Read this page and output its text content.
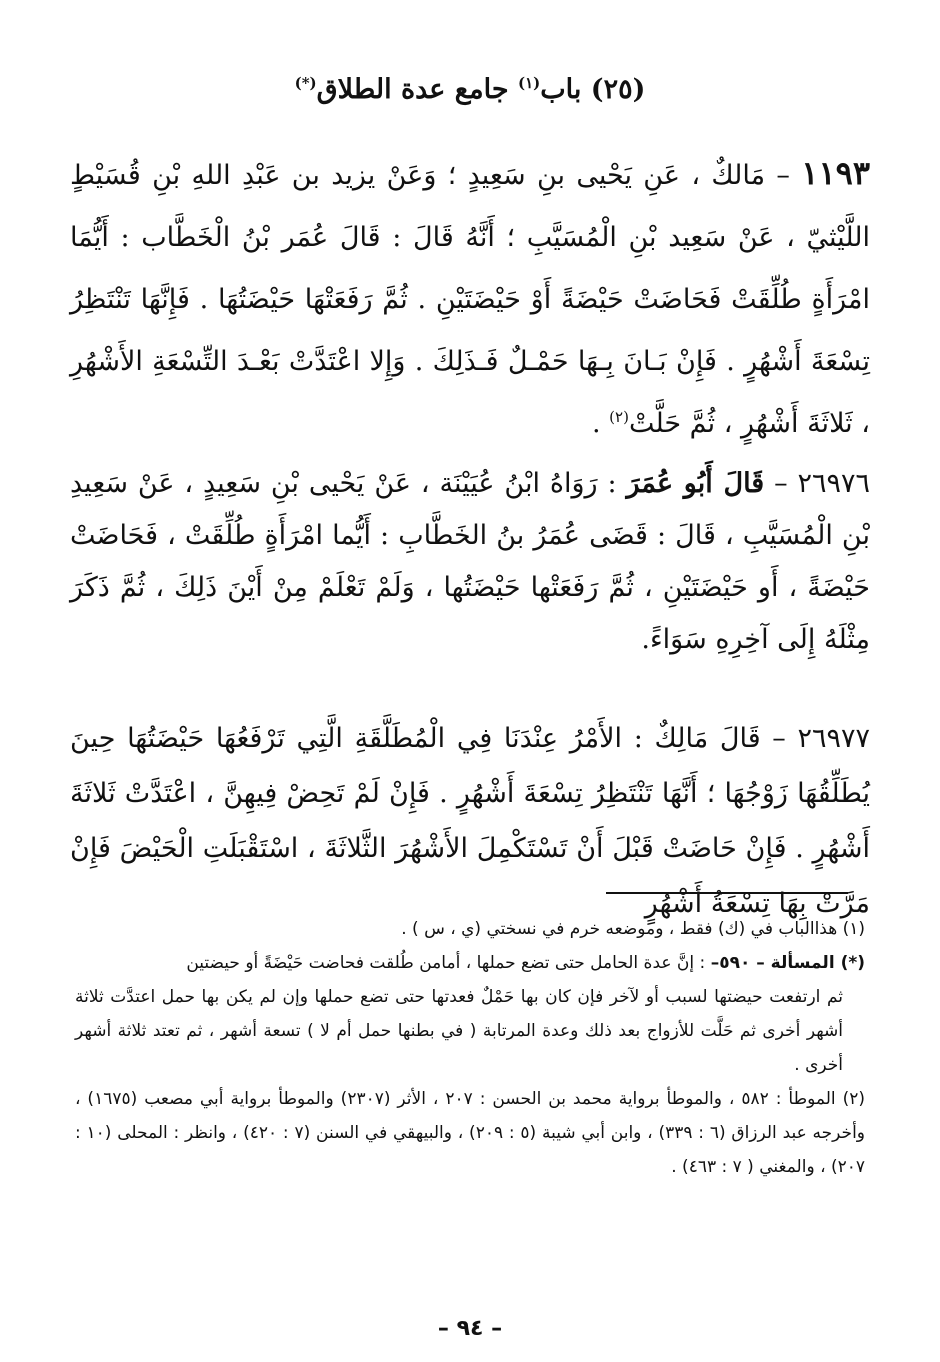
(٢٥) باب$^{(١)}$ جامع عدة الطلاق(*)

١١٩٣ – مَالكٌ ، عَنِ يَحْيى بنِ سَعِيدٍ ؛ وَعَنْ يزيد بن عَبْدِ اللهِ بْنِ قُسَيْطٍ اللَّيْثيّ ، عَنْ سَعِيد بْنِ الْمُسَيَّبِ ؛ أَنَّهُ قَالَ : قَالَ عُمَر بْنُ الْخَطَّاب : أَيُّمَا امْرَأَةٍ طُلِّقَتْ فَحَاضَتْ حَيْضَةً أَوْ حَيْضَتَيْنِ . ثُمَّ رَفَعَتْهَا حَيْضَتُهَا . فَإِنَّهَا تَنْتَظِرُ تِسْعَةَ أَشْهُرٍ . فَإِنْ بَـانَ بِـهَا حَمْـلٌ فَـذَلِكَ . وَإِلا اعْتَدَّتْ بَعْـدَ التِّسْعَةِ الأَشْهُرِ ، ثَلاثَةَ أَشْهُرٍ ، ثُمَّ حَلَّتْ$^{(٢)}$ .

٢٦٩٧٦ – قَالَ أَبُو عُمَرَ : رَوَاهُ ابْنُ عُيَيْنَة ، عَنْ يَحْيى بْنِ سَعِيدٍ ، عَنْ سَعِيدِ بْنِ الْمُسَيَّبِ ، قَالَ : قَضَى عُمَرُ بنُ الخَطَّابِ : أَيُّما امْرَأَةٍ طُلِّقَتْ ، فَحَاضَتْ حَيْضَةً ، أَو حَيْضَتَيْنِ ، ثُمَّ رَفَعَتْها حَيْضَتُها ، وَلَمْ تَعْلَمْ مِنْ أَيْنَ ذَلِكَ ، ثُمَّ ذَكَرَ مِثْلَهُ إِلَى آخِرِهِ سَوَاءً.

٢٦٩٧٧ – قَالَ مَالِكٌ : الأَمْرُ عِنْدَنَا فِي الْمُطَلَّقَةِ الَّتِي تَرْفَعُهَا حَيْضَتُهَا حِينَ يُطَلِّقُهَا زَوْجُهَا ؛ أَنَّهَا تَنْتَظِرُ تِسْعَةَ أَشْهُرٍ . فَإِنْ لَمْ تَحِضْ فِيهِنَّ ، اعْتَدَّتْ ثَلاثَةَ أَشْهُرٍ . فَإِنْ حَاضَتْ قَبْلَ أَنْ تَسْتَكْمِلَ الأَشْهُرَ الثَّلاثَةَ ، اسْتَقْبَلَتِ الْحَيْضَ فَإِنْ مَرَّتْ بِهَا تِسْعَةُ أَشْهُرٍ

(١) هذاالباب في (ك) فقط ، وموضعه خرم في نسختي (ي ، س ) .

(*) المسألة – ٥٩٠– : إنَّ عدة الحامل حتى تضع حملها ، أمامن طُلقت فحاضت حَيْضَةً أو حيضتين

ثم ارتفعت حيضتها لسبب أو لآخر فإن كان بها حَمْلٌ فعدتها حتى تضع حملها وإن لم يكن بها حمل اعتدَّت ثلاثة أشهر أخرى ثم حَلَّت للأزواج بعد ذلك وعدة المرتابة ( في بطنها حمل أم لا ) تسعة أشهر ، ثم تعتد ثلاثة أشهر أخرى .

(٢) الموطأ : ٥٨٢ ، والموطأ برواية محمد بن الحسن : ٢٠٧ ، الأثر (٢٣٠٧) والموطأ برواية أبي مصعب (١٦٧٥) ، وأخرجه عبد الرزاق (٦ : ٣٣٩) ، وابن أبي شيبة (٥ : ٢٠٩) ، والبيهقي في السنن (٧ : ٤٢٠) ، وانظر : المحلى (١٠ : ٢٠٧) ، والمغني ( ٧ : ٤٦٣) .

– ٩٤ –
